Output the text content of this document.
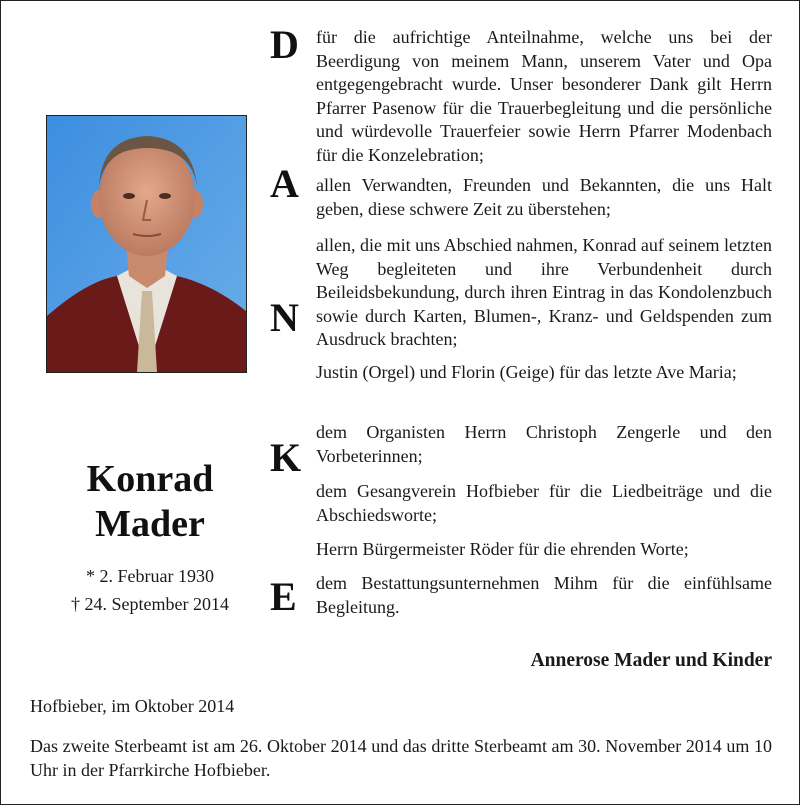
Konrad
Mader
* 2. Februar 1930
† 24. September 2014
D
A
N
K
E

für die aufrichtige Anteilnahme, welche uns bei der Beerdigung von meinem Mann, unserem Vater und Opa entgegengebracht wurde. Unser besonderer Dank gilt Herrn Pfarrer Pasenow für die Trauerbegleitung und die persönliche und würdevolle Trauerfeier sowie Herrn Pfarrer Modenbach für die Konzelebration;

allen Verwandten, Freunden und Bekannten, die uns Halt geben, diese schwere Zeit zu überstehen;

allen, die mit uns Abschied nahmen, Konrad auf seinem letzten Weg begleiteten und ihre Verbundenheit durch Beileidsbekundung, durch ihren Eintrag in das Kondolenzbuch sowie durch Karten, Blumen-, Kranz- und Geldspenden zum Ausdruck brachten;

Justin (Orgel) und Florin (Geige) für das letzte Ave Maria;

dem Organisten Herrn Christoph Zengerle und den Vorbeterinnen;

dem Gesangverein Hofbieber für die Liedbeiträge und die Abschiedsworte;

Herrn Bürgermeister Röder für die ehrenden Worte;

dem Bestattungsunternehmen Mihm für die einfühlsame Begleitung.

Annerose Mader und Kinder
Hofbieber, im Oktober 2014

Das zweite Sterbeamt ist am 26. Oktober 2014 und das dritte Sterbeamt am 30. November 2014 um 10 Uhr in der Pfarrkirche Hofbieber.
